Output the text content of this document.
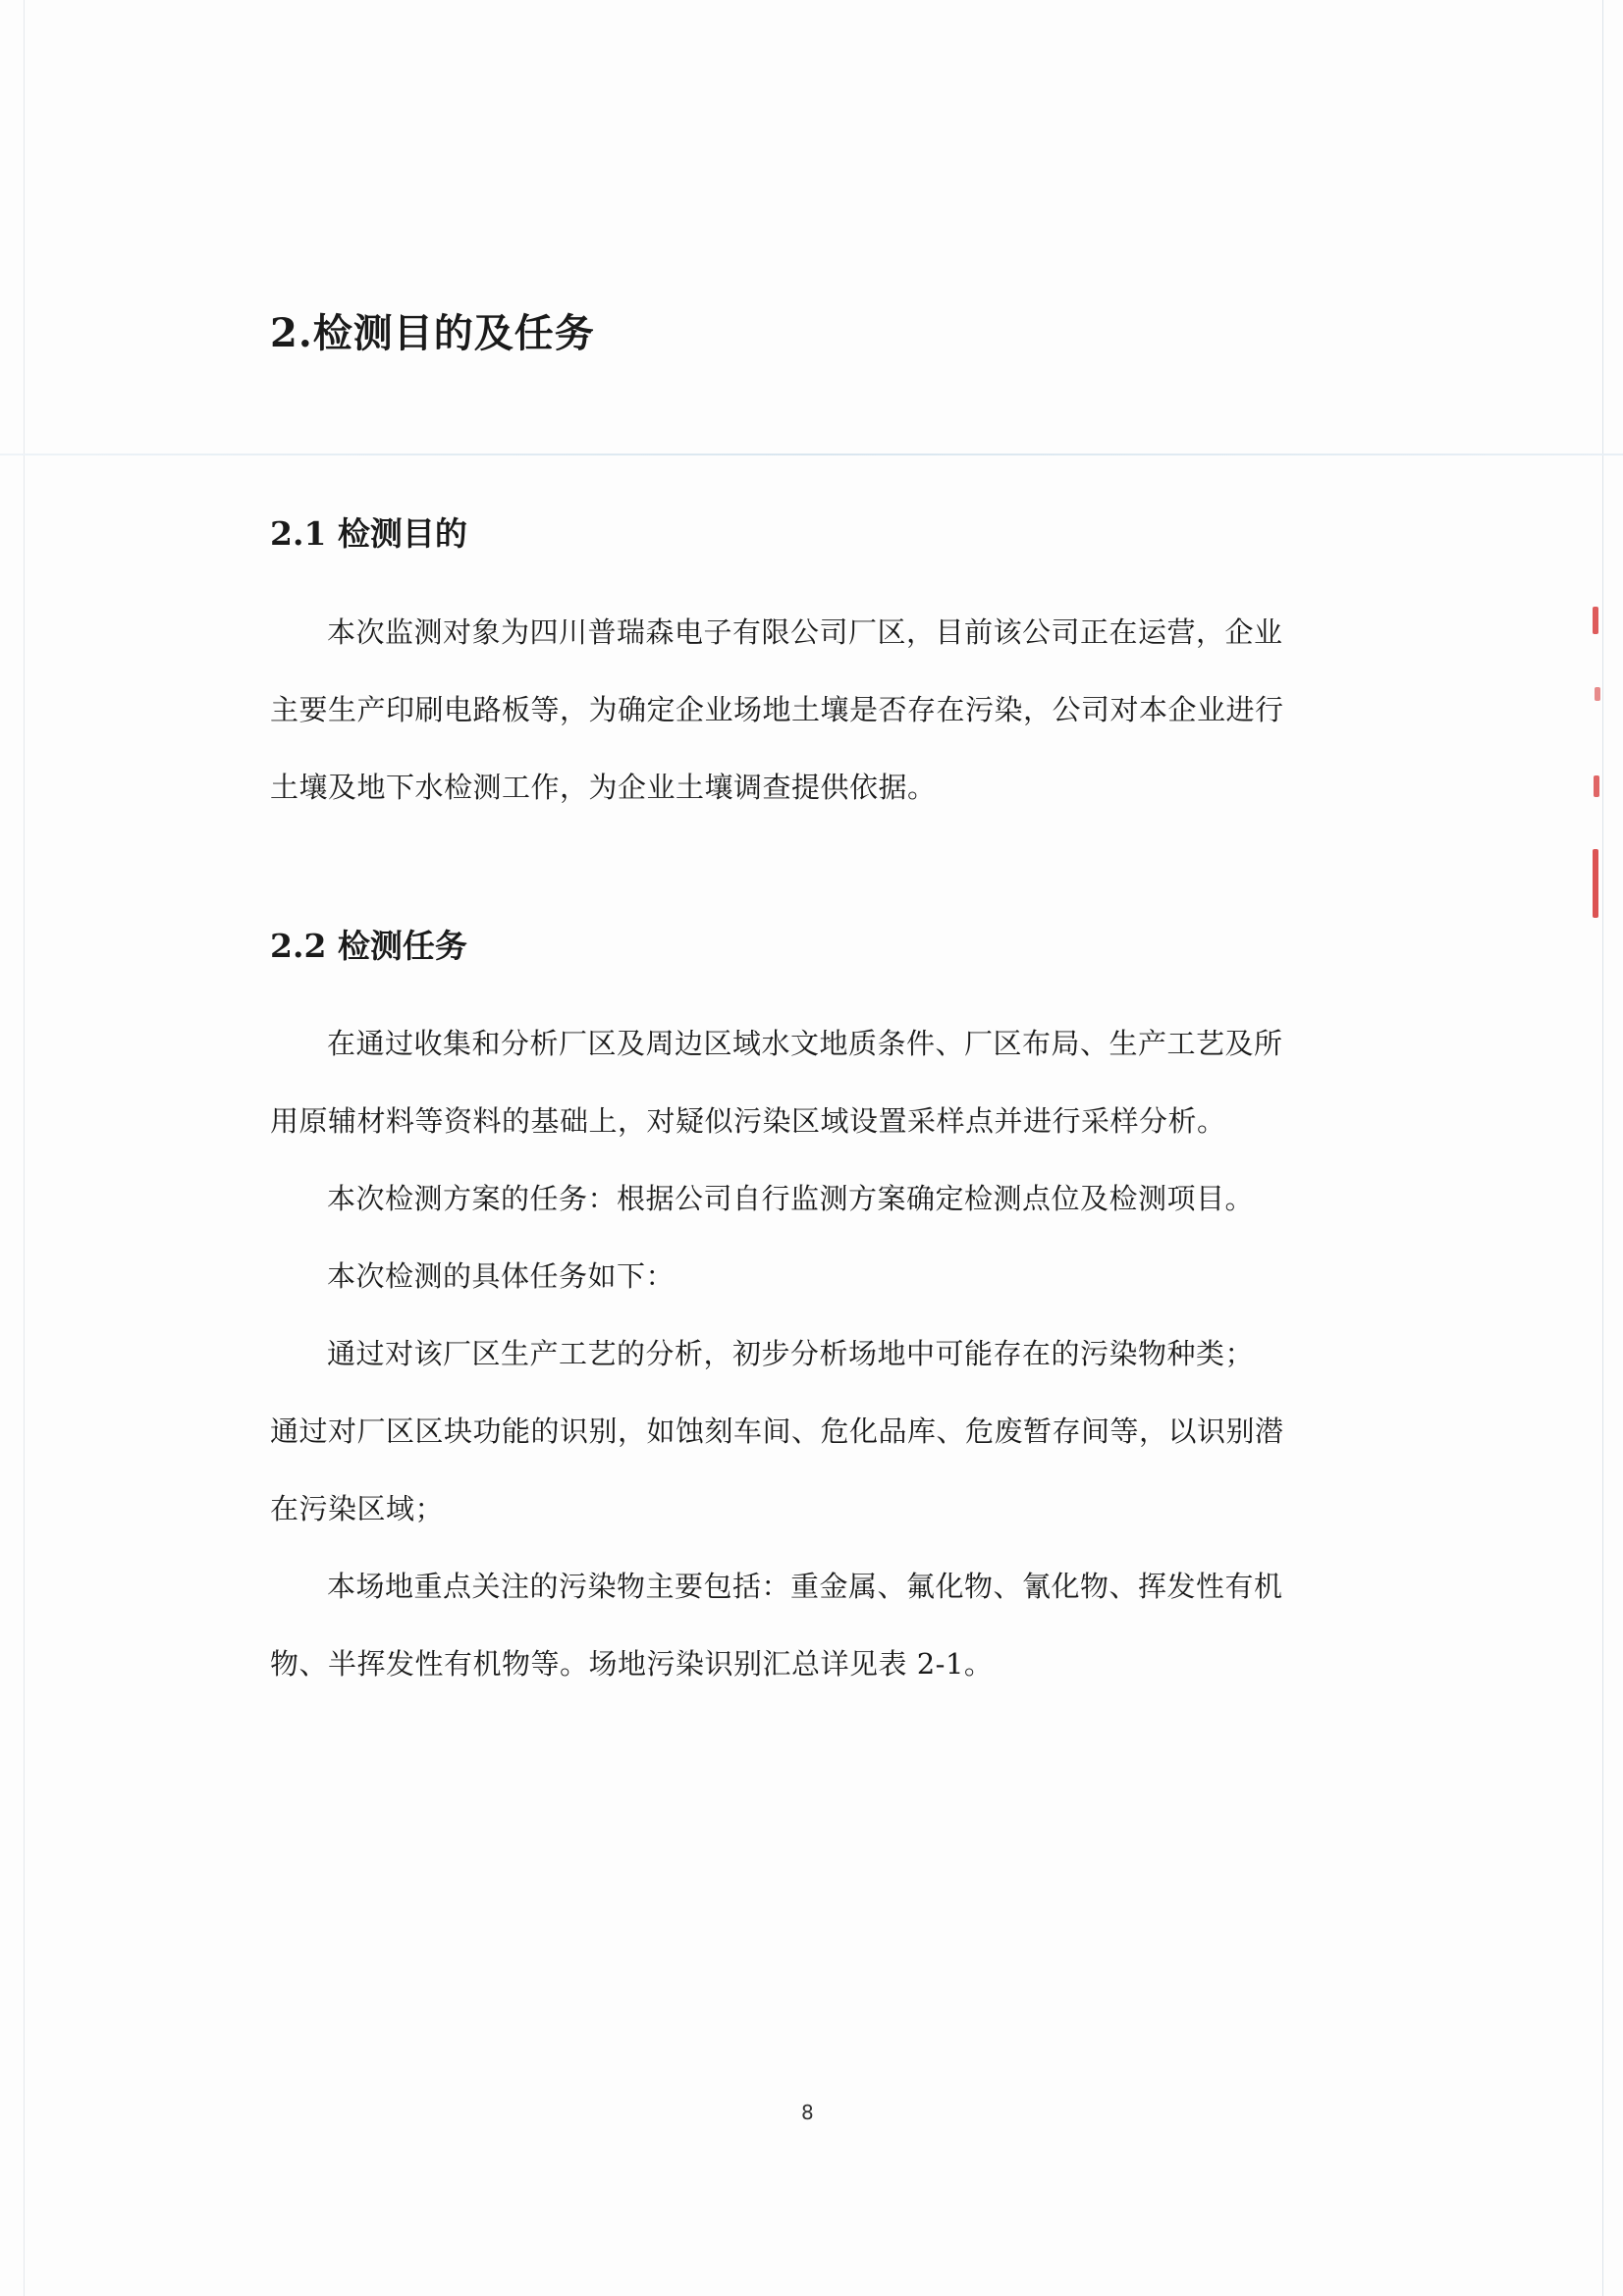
2.检测目的及任务
2.1 检测目的
本次监测对象为四川普瑞森电子有限公司厂区，目前该公司正在运营，企业
主要生产印刷电路板等，为确定企业场地土壤是否存在污染，公司对本企业进行
土壤及地下水检测工作，为企业土壤调查提供依据。
2.2 检测任务
在通过收集和分析厂区及周边区域水文地质条件、厂区布局、生产工艺及所
用原辅材料等资料的基础上，对疑似污染区域设置采样点并进行采样分析。
本次检测方案的任务：根据公司自行监测方案确定检测点位及检测项目。
本次检测的具体任务如下：
通过对该厂区生产工艺的分析，初步分析场地中可能存在的污染物种类；
通过对厂区区块功能的识别，如蚀刻车间、危化品库、危废暂存间等，以识别潜
在污染区域；
本场地重点关注的污染物主要包括：重金属、氟化物、氰化物、挥发性有机
物、半挥发性有机物等。场地污染识别汇总详见表 2-1。
8
